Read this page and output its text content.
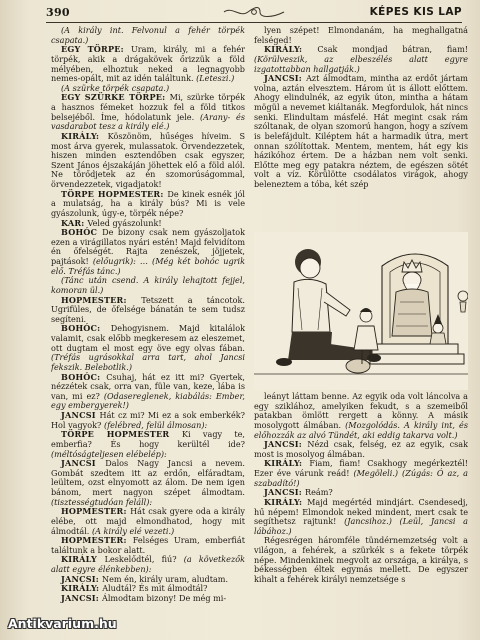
390	KÉPES KIS LAP

(A király int. Felvonul a fehér törpék csapata.)

EGY TÖRPE: Uram, király, mi a fehér törpék, akik a drágakövek őrizzük a föld mélyében, elhoztuk neked a legnagyobb nemes-opált, mit az idén találtunk. (Leteszi.)

(A szürke törpék csapata.)

EGY SZÜRKE TÖRPE: Mi, szürke törpék a hasznos fémeket hozzuk fel a föld titkos belsejéből. Íme, hódolatunk jele. (Arany- és vasdarabot tesz a király elé.)

KIRÁLY: Köszönöm, hűséges híveim. S most árva gyerek, mulassatok. Örvendezzetek, hiszen minden esztendőben csak egyszer, Szent János éjszakáján jöhettek elő a föld alól. Ne törődjetek az én szomorúságommal, örvendezzetek, vigadjatok!

TÖRPE HOPMESTER: De kinek esnék jól a mulatság, ha a király bús? Mi is vele gyászolunk, úgy-e, törpék népe?

KAR: Veled gyászolunk!

BOHÓC De bizony csak nem gyászoljatok ezen a virágillatos nyári estén! Majd felvidítom én őfelségét. Rajta zenészek, jöjjetek, pajtások! (előugrik): … (Még két bohóc ugrik elő. Tréfás tánc.)

(Tánc után csend. A király lehajtott fejjel, komoran ül.)

HOPMESTER: Tetszett a táncotok. Ugrifüles, de őfelsége bánatán te sem tudsz segíteni.

BOHÓC: Dehogyisnem. Majd kitalálok valamit, csak előbb megkeresem az eleszemet, ott dugtam el most egy öve egy olvas fában. (Tréfás ugrásokkal arra tart, ahol Jancsi fekszik. Belebotlik.)

BOHÓC: Csuhaj, hát ez itt mi? Gyertek, nézzétek csak, orra van, füle van, keze, lába is van, mi ez? (Odasereglenek, kiabálás: Ember, egy embergyerek!)

JANCSI Hát cz mi? Mi ez a sok emberkék? Hol vagyok? (felébred, felül álmosan):

TÖRPE HOPMESTER Ki vagy te, emberfia? És hogy kerültél ide? (méltóságteljesen elébelép):

JANCSI Dalos Nagy Jancsi a nevem. Gombát szedtem itt az erdőn, elfáradtam, leültem, ozst elnyomott az álom. De nem igen bánom, mert nagyon szépet álmodtam. (tisztességtudóan feláll):

HOPMESTER: Hát csak gyere oda a király elébe, ott majd elmondhatod, hogy mit álmodtál. (A király elé vezeti.)

HOPMESTER: Felséges Uram, emberfiát találtunk a bokor alatt.

KIRÁLY Leskelődtél, fiú? (a következők alatt egyre élénkebben):

JANCSI: Nem én, király uram, aludtam.

KIRÁLY: Aludtál? És mit álmodtál?

JANCSI: Álmodtam bizony! De még mi-

lyen szépet! Elmondanám, ha meghallgatná felséged!

KIRÁLY: Csak mondjad bátran, fiam! (Körülveszik, az elbeszélés alatt egyre izgatottabban hallgatják.)

JANCSI: Azt álmodtam, mintha az erdőt jártam volna, aztán elvesztem. Három út is állott előttem. Ahogy elindulnék, az egyik úton, mintha a hátam mögül a nevemet kiáltanák. Megfordulok, hát nincs senki. Elindultam másfelé. Hát megint csak rám szóltanak, de olyan szomorú hangon, hogy a szívem is belefájdult. Kiléptem hát a harmadik útra, mert onnan szólítottak. Mentem, mentem, hát egy kis házikóhoz értem. De a házban nem volt senki. Előtte meg egy patakra néztem, de egészen sötét volt a víz. Körülötte csodálatos virágok, ahogy beleneztem a tóba, két szép

leányt láttam benne. Az egyik oda volt láncolva a egy sziklához, amelyiken fekudt, s a szemeiből patakban ömlött rergett a könny. A másik mosolygott álmában. (Mozgolódás. A király int, és előhozzák az alvó Tündét, aki eddig takarva volt.)

JANCSI: Nézd csak, felség, ez az egyik, csak most is mosolyog álmában.

KIRÁLY: Fiam, fiam! Csakhogy megérkeztél! Ezer éve várunk reád! (Megöleli.) (Zúgás: Ó az, a szabadító!)

JANCSI: Reám?

KIRÁLY: Majd megértéd mindjárt. Csendesedj, hű népem! Elmondok neked mindent, mert csak te segíthetsz rajtunk! (Jancsihoz.) (Leül, Jancsi a lábához.)

Régesrégen háromféle tündérnemzetség volt a világon, a fehérek, a szürkék s a fekete törpék népe. Mindenkinek megvolt az országa, a királya, s békességben éltek egymás mellett. De egyszer kihalt a fehérek királyi nemzetsége s

Antikvarium.hu
